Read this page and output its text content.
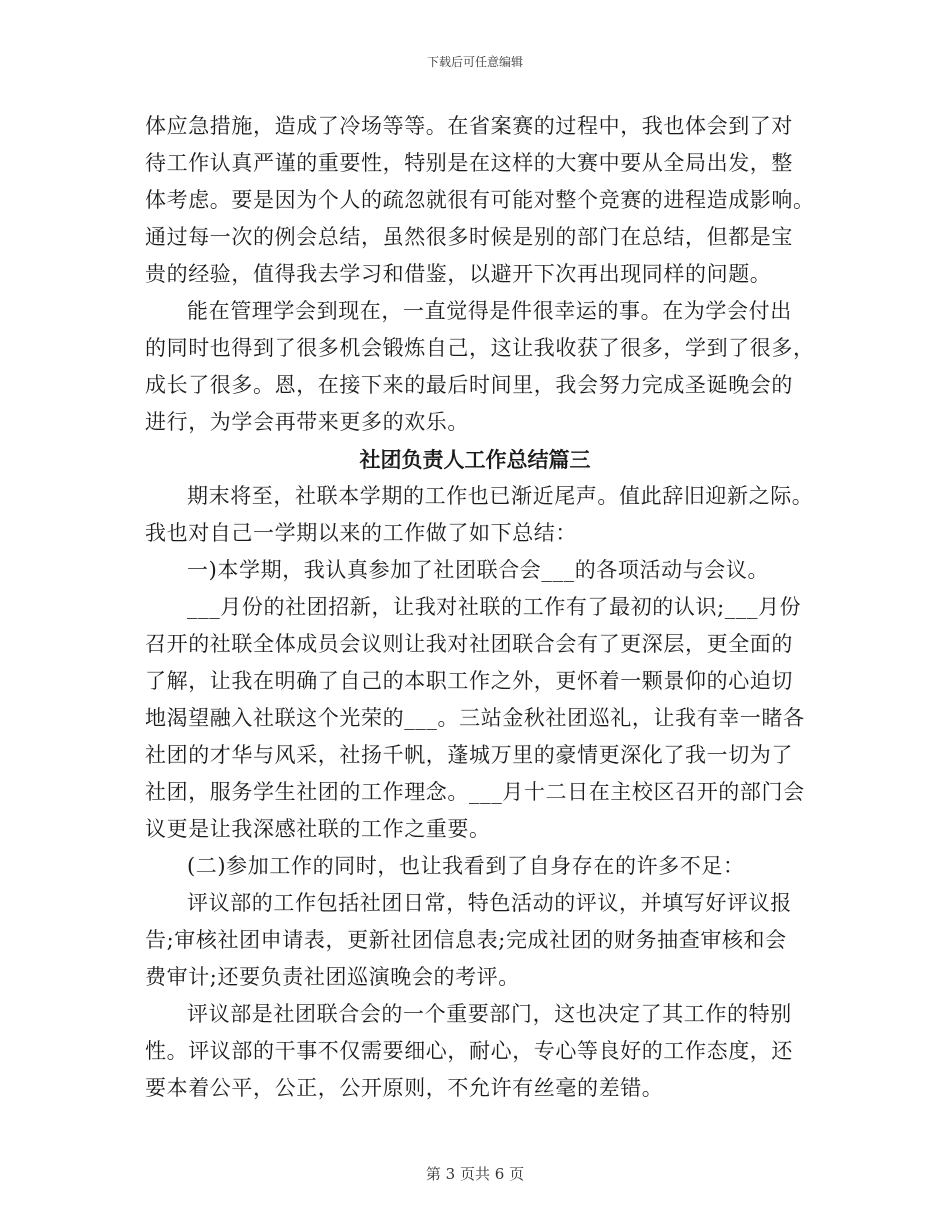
下载后可任意编辑
体应急措施，造成了冷场等等。在省案赛的过程中，我也体会到了对
待工作认真严谨的重要性，特别是在这样的大赛中要从全局出发，整
体考虑。要是因为个人的疏忽就很有可能对整个竞赛的进程造成影响。
通过每一次的例会总结，虽然很多时候是别的部门在总结，但都是宝
贵的经验，值得我去学习和借鉴，以避开下次再出现同样的问题。
能在管理学会到现在，一直觉得是件很幸运的事。在为学会付出
的同时也得到了很多机会锻炼自己，这让我收获了很多，学到了很多，
成长了很多。恩，在接下来的最后时间里，我会努力完成圣诞晚会的
进行，为学会再带来更多的欢乐。
社团负责人工作总结篇三
期末将至，社联本学期的工作也已渐近尾声。值此辞旧迎新之际。
我也对自己一学期以来的工作做了如下总结：
一)本学期，我认真参加了社团联合会___的各项活动与会议。
___月份的社团招新，让我对社联的工作有了最初的认识;___月份
召开的社联全体成员会议则让我对社团联合会有了更深层，更全面的
了解，让我在明确了自己的本职工作之外，更怀着一颗景仰的心迫切
地渴望融入社联这个光荣的___。三站金秋社团巡礼，让我有幸一睹各
社团的才华与风采，社扬千帆，蓬城万里的豪情更深化了我一切为了
社团，服务学生社团的工作理念。___月十二日在主校区召开的部门会
议更是让我深感社联的工作之重要。
(二)参加工作的同时，也让我看到了自身存在的许多不足：
评议部的工作包括社团日常，特色活动的评议，并填写好评议报
告;审核社团申请表，更新社团信息表;完成社团的财务抽查审核和会
费审计;还要负责社团巡演晚会的考评。
评议部是社团联合会的一个重要部门，这也决定了其工作的特别
性。评议部的干事不仅需要细心，耐心，专心等良好的工作态度，还
要本着公平，公正，公开原则，不允许有丝毫的差错。
第 3 页共 6 页
